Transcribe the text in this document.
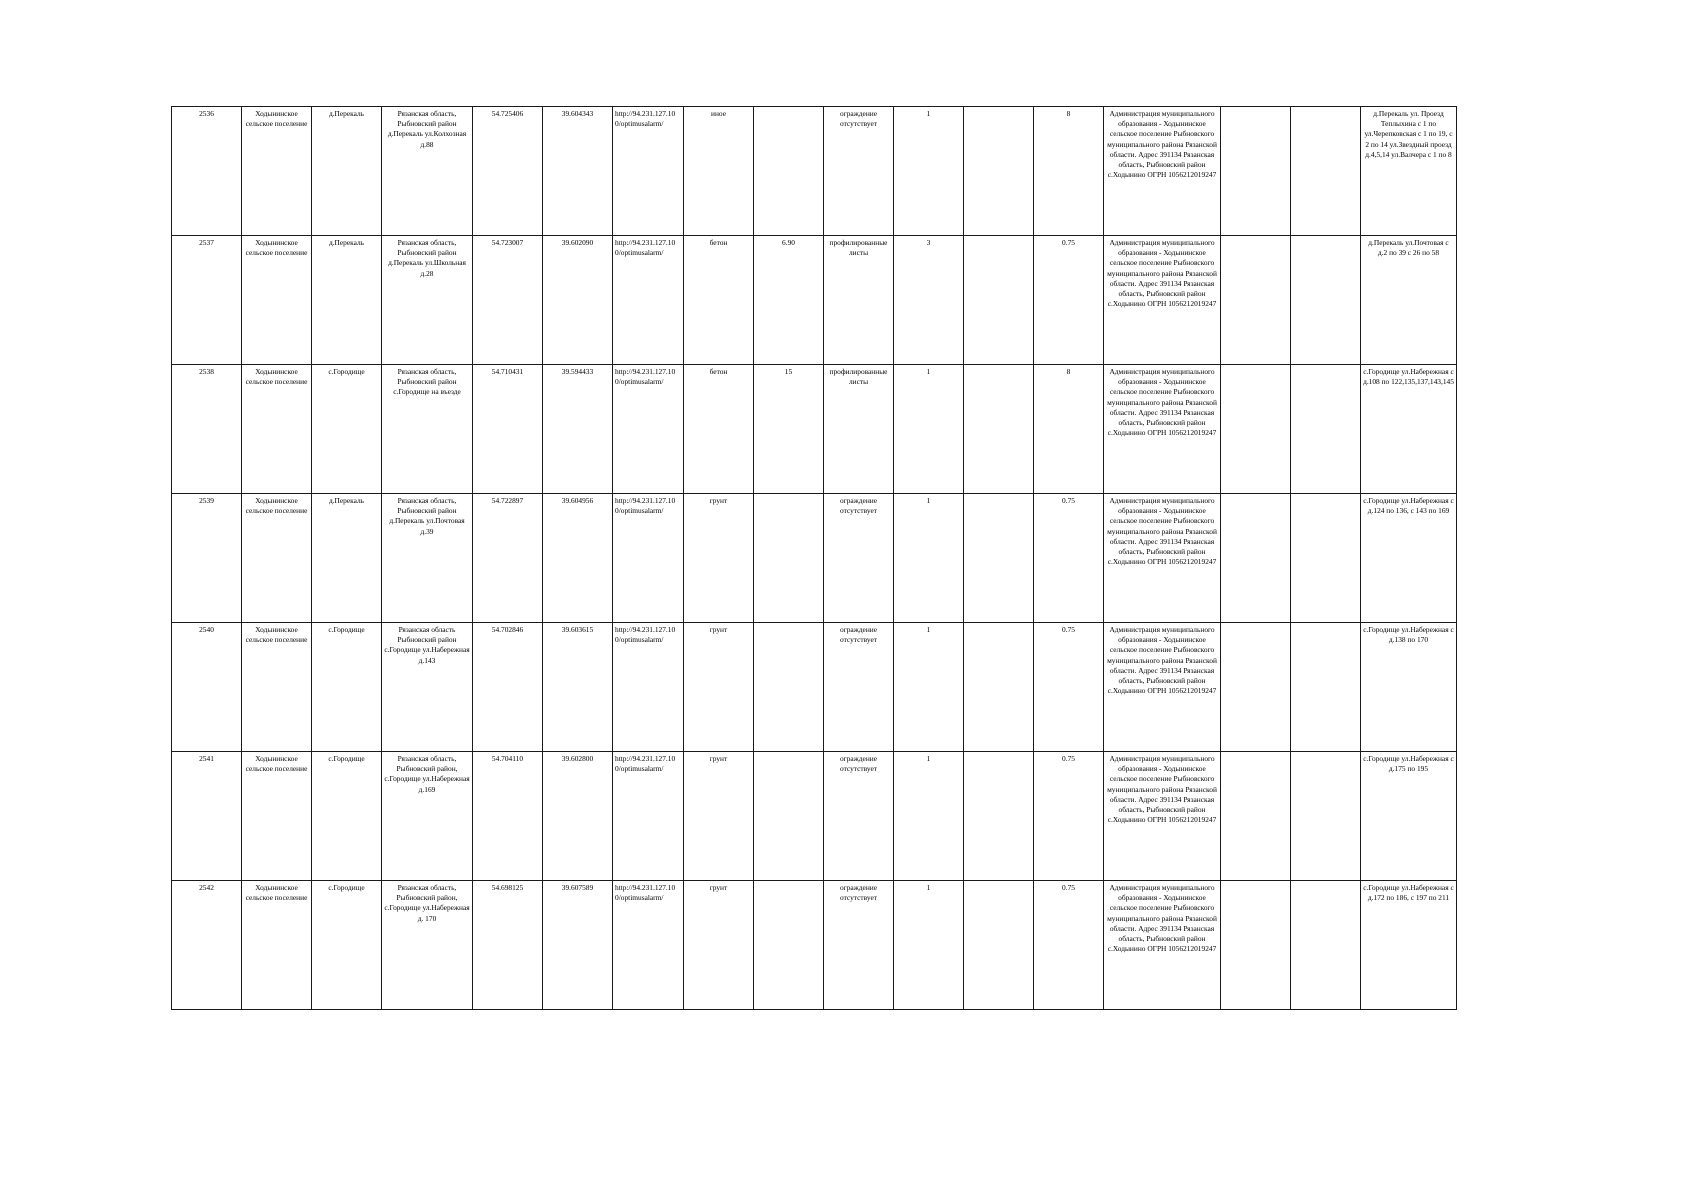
2536	Ходынинское сельское поселение	д.Перекаль	Рязанская область, Рыбновский район д.Перекаль ул.Колхозная д.88	54.725406	39.604343	http://94.231.127.10 0/optimusalarm/	иное		ограждение отсутствует	1		8	Администрация муниципального образования - Ходынинское сельское поселение Рыбновского муниципального района Рязанской области. Адрес 391134 Рязанская область, Рыбновский район с.Ходынино ОГРН 1056212019247			д.Перекаль ул. Проезд Теплыхина с 1 по ул.Черепковская с 1 по 19, с 2 по 14 ул.Звездный проезд д.4,5,14 ул.Валчера с 1 по 8
2537	Ходынинское сельское поселение	д.Перекаль	Рязанская область, Рыбновский район д.Перекаль ул.Школьная д.28	54.723007	39.602090	http://94.231.127.10 0/optimusalarm/	бетон	6.90	профилированные листы	3		0.75	Администрация муниципального образования - Ходынинское сельское поселение Рыбновского муниципального района Рязанской области. Адрес 391134 Рязанская область, Рыбновский район с.Ходынино ОГРН 1056212019247			д.Перекаль ул.Почтовая с д.2 по 39 с 26 по 58
2538	Ходынинское сельское поселение	с.Городище	Рязанская область, Рыбновский район с.Городище на въезде	54.710431	39.594433	http://94.231.127.10 0/optimusalarm/	бетон	15	профилированные листы	1		8	Администрация муниципального образования - Ходынинское сельское поселение Рыбновского муниципального района Рязанской области. Адрес 391134 Рязанская область, Рыбновский район с.Ходынино ОГРН 1056212019247			с.Городище ул.Набережная с д.108 по 122,135,137,143,145
2539	Ходынинское сельское поселение	д.Перекаль	Рязанская область, Рыбновский район д.Перекаль ул.Почтовая д.39	54.722897	39.604956	http://94.231.127.10 0/optimusalarm/	грунт		ограждение отсутствует	1		0.75	Администрация муниципального образования - Ходынинское сельское поселение Рыбновского муниципального района Рязанской области. Адрес 391134 Рязанская область, Рыбновский район с.Ходынино ОГРН 1056212019247			с.Городище ул.Набережная с д.124 по 136, с 143 по 169
2540	Ходынинское сельское поселение	с.Городище	Рязанская область Рыбновский район с.Городище ул.Набережная д.143	54.702846	39.603615	http://94.231.127.10 0/optimusalarm/	грунт		ограждение отсутствует	1		0.75	Администрация муниципального образования - Ходынинское сельское поселение Рыбновского муниципального района Рязанской области. Адрес 391134 Рязанская область, Рыбновский район с.Ходынино ОГРН 1056212019247			с.Городище ул.Набережная с д.138 по 170
2541	Ходынинское сельское поселение	с.Городище	Рязанская область, Рыбновский район, с.Городище ул.Набережная д.169	54.704110	39.602800	http://94.231.127.10 0/optimusalarm/	грунт		ограждение отсутствует	1		0.75	Администрация муниципального образования - Ходынинское сельское поселение Рыбновского муниципального района Рязанской области. Адрес 391134 Рязанская область, Рыбновский район с.Ходынино ОГРН 1056212019247			с.Городище ул.Набережная с д.175 по 195
2542	Ходынинское сельское поселение	с.Городище	Рязанская область, Рыбновский район, с.Городище ул.Набережная д. 170	54.698125	39.607589	http://94.231.127.10 0/optimusalarm/	грунт		ограждение отсутствует	1		0.75	Администрация муниципального образования - Ходынинское сельское поселение Рыбновского муниципального района Рязанской области. Адрес 391134 Рязанская область, Рыбновский район с.Ходынино ОГРН 1056212019247			с.Городище ул.Набережная с д.172 по 186, с 197 по 211
